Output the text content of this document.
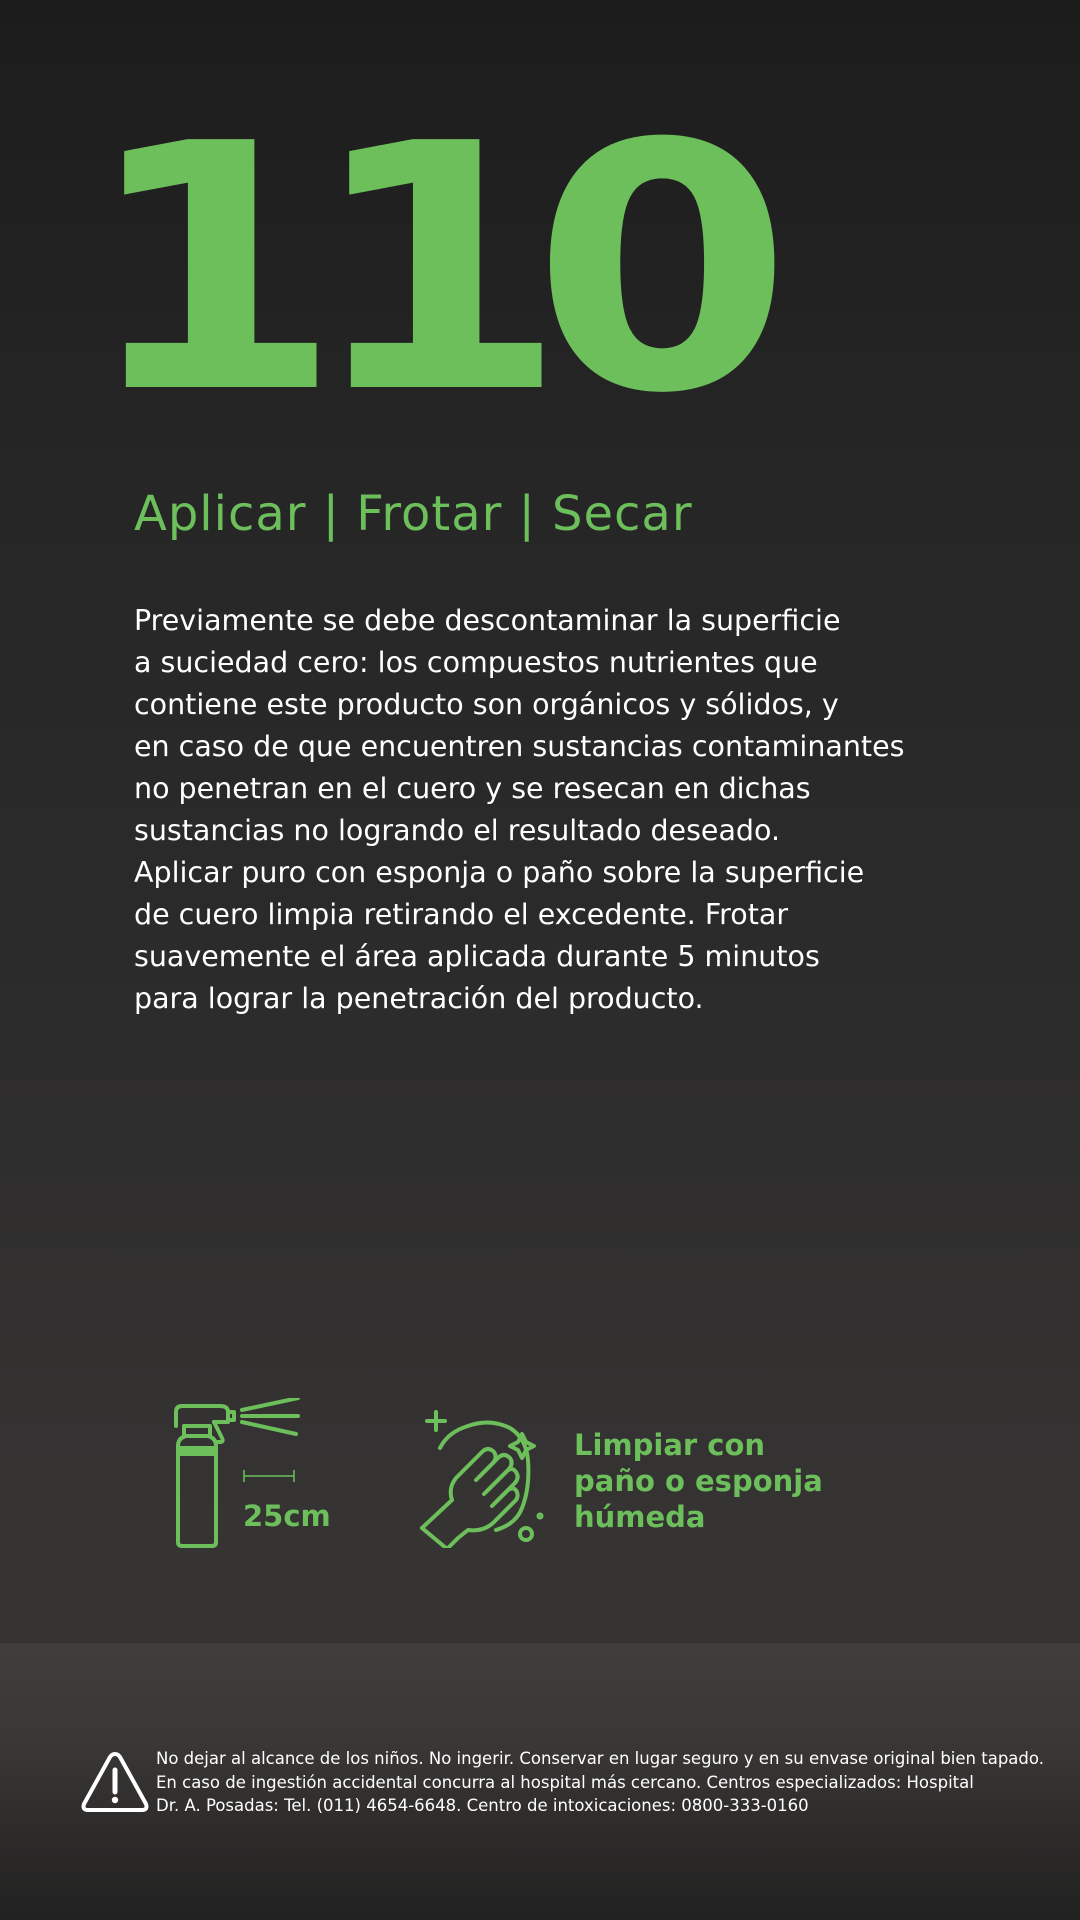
110
Aplicar | Frotar | Secar
Previamente se debe descontaminar la superficie
a suciedad cero: los compuestos nutrientes que
contiene este producto son orgánicos y sólidos, y
en caso de que encuentren sustancias contaminantes
no penetran en el cuero y se resecan en dichas
sustancias no logrando el resultado deseado.
Aplicar puro con esponja o paño sobre la superficie
de cuero limpia retirando el excedente. Frotar
suavemente el área aplicada durante 5 minutos
para lograr la penetración del producto.
25cm
Limpiar con
paño o esponja
húmeda
No dejar al alcance de los niños. No ingerir. Conservar en lugar seguro y en su envase original bien tapado.
En caso de ingestión accidental concurra al hospital más cercano. Centros especializados: Hospital
Dr. A. Posadas: Tel. (011) 4654-6648. Centro de intoxicaciones: 0800-333-0160
